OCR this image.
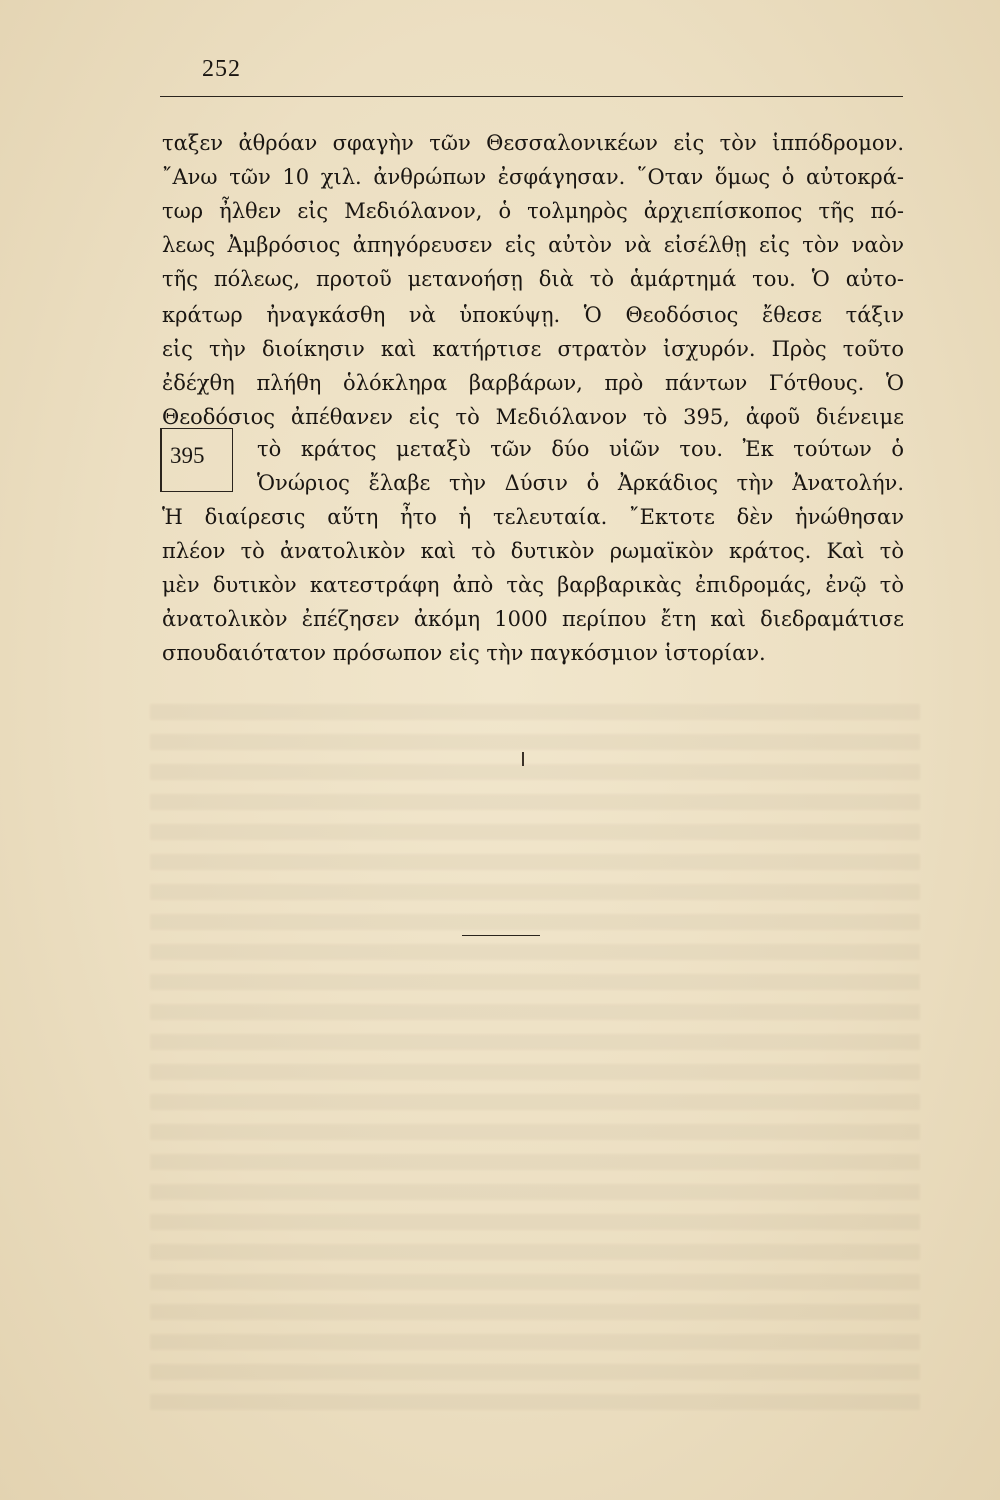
252
ταξεν ἀθρόαν σφαγὴν τῶν Θεσσαλονικέων εἰς τὸν ἱππόδρομον.
῎Ανω τῶν 10 χιλ. ἀνθρώπων ἐσφάγησαν. ῞Οταν ὅμως ὁ αὐτοκρά-
τωρ ἦλθεν εἰς Μεδιόλανον, ὁ τολμηρὸς ἀρχιεπίσκοπος τῆς πό-
λεως Ἀμβρόσιος ἀπηγόρευσεν εἰς αὐτὸν νὰ εἰσέλθῃ εἰς τὸν ναὸν
τῆς πόλεως, προτοῦ μετανοήσῃ διὰ τὸ ἁμάρτημά του. Ὁ αὐτο-
κράτωρ ἠναγκάσθη νὰ ὑποκύψῃ. Ὁ Θεοδόσιος ἔθεσε τάξιν
εἰς τὴν διοίκησιν καὶ κατήρτισε στρατὸν ἰσχυρόν. Πρὸς τοῦτο
ἐδέχθη πλήθη ὁλόκληρα βαρβάρων, πρὸ πάντων Γότθους. Ὁ
Θεοδόσιος ἀπέθανεν εἰς τὸ Μεδιόλανον τὸ 395, ἀφοῦ διένειμε
395	τὸ κράτος μεταξὺ τῶν δύο υἱῶν του. Ἐκ τούτων ὁ
Ὁνώριος ἔλαβε τὴν Δύσιν ὁ Ἀρκάδιος τὴν Ἀνατολήν.
Ἡ διαίρεσις αὕτη ἦτο ἡ τελευταία. ῎Εκτοτε δὲν ἡνώθησαν
πλέον τὸ ἀνατολικὸν καὶ τὸ δυτικὸν ρωμαϊκὸν κράτος. Καὶ τὸ
μὲν δυτικὸν κατεστράφη ἀπὸ τὰς βαρβαρικὰς ἐπιδρομάς, ἐνῷ τὸ
ἀνατολικὸν ἐπέζησεν ἀκόμη 1000 περίπου ἔτη καὶ διεδραμάτισε
σπουδαιότατον πρόσωπον εἰς τὴν παγκόσμιον ἱστορίαν.
